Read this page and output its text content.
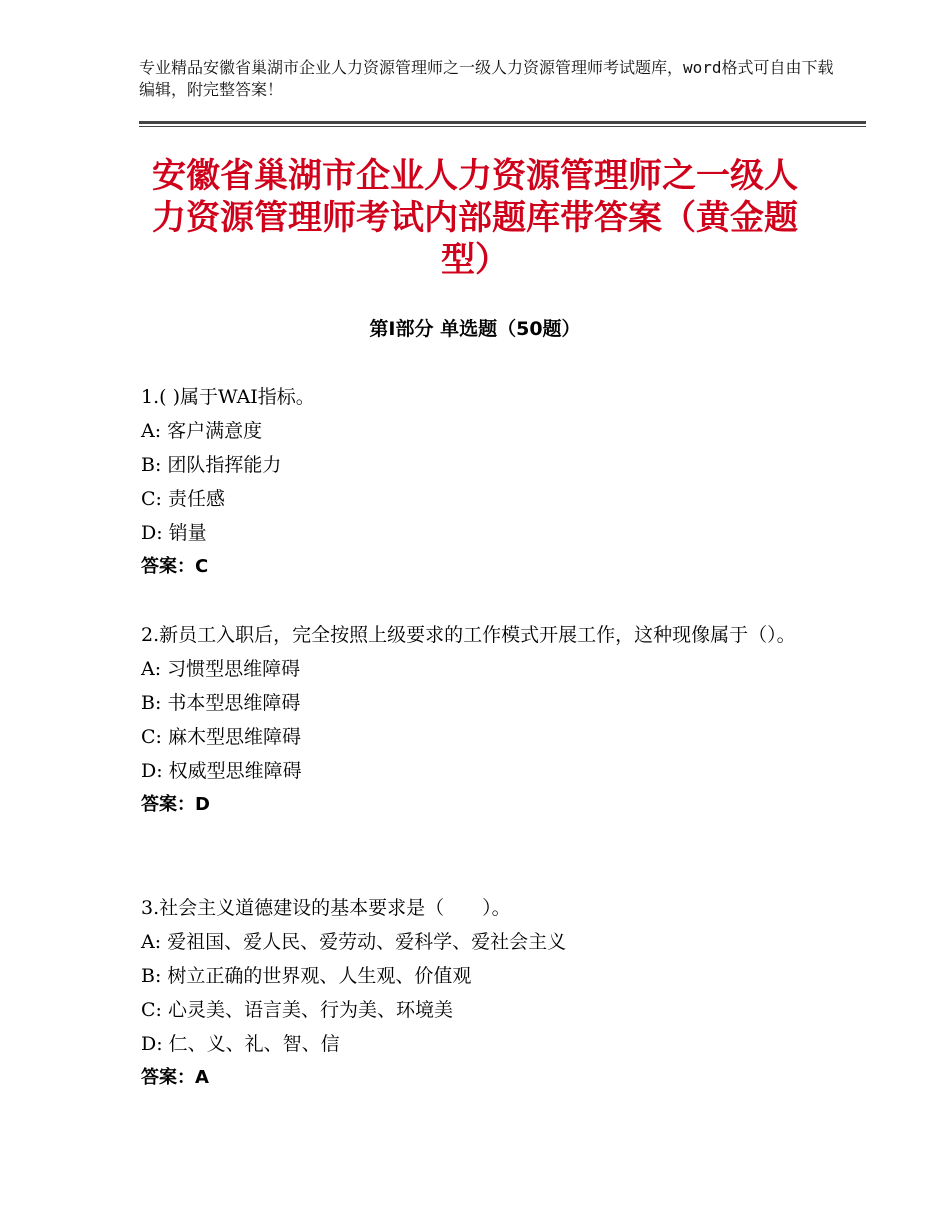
专业精品安徽省巢湖市企业人力资源管理师之一级人力资源管理师考试题库，word格式可自由下载编辑，附完整答案！
安徽省巢湖市企业人力资源管理师之一级人力资源管理师考试内部题库带答案（黄金题型）
第Ⅰ部分 单选题（50题）

1.( )属于WAI指标。

A: 客户满意度

B: 团队指挥能力

C: 责任感

D: 销量

答案：C

2.新员工入职后，完全按照上级要求的工作模式开展工作，这种现像属于（）。

A: 习惯型思维障碍

B: 书本型思维障碍

C: 麻木型思维障碍

D: 权威型思维障碍

答案：D

3.社会主义道德建设的基本要求是（　　）。

A: 爱祖国、爱人民、爱劳动、爱科学、爱社会主义

B: 树立正确的世界观、人生观、价值观

C: 心灵美、语言美、行为美、环境美

D: 仁、义、礼、智、信

答案：A
